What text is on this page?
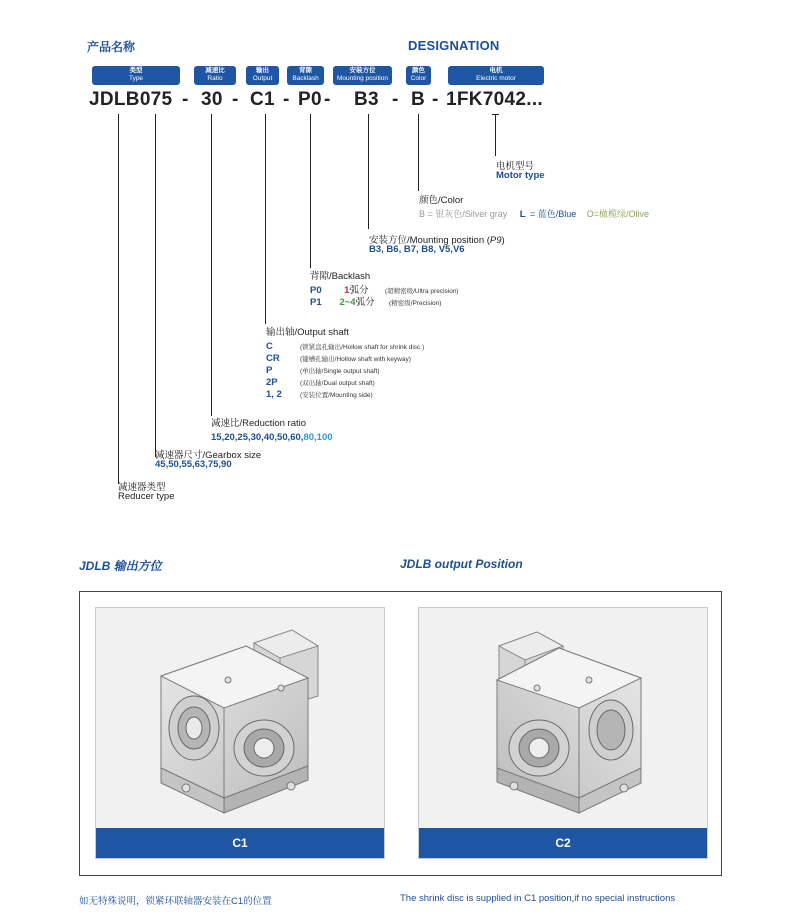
产品名称	DESIGNATION
类型
Type
减速比
Ratio
输出
Output
背隙
Backlash
安装方位
Mounting position
颜色
Color
电机
Electric motor
JDLB075 - 30 - C1 - P0 - B3 - B - 1FK7042...
电机型号
Motor type
颜色/Color
B = 银灰色/Silver gray L = 蓝色/Blue O=橄榄绿/Olive
安装方位/Mounting position (P9)
B3, B6, B7, B8, V5,V6
背隙/Backlash
P0 1弧分	(超精密级/Ultra precision)
P1 2~4弧分 (精密级/Precision)
输出轴/Output shaft
C	(锁紧盘孔输出/Hollow shaft for shrink disc )
CR	(键槽孔输出/Hollow shaft with keyway)
P	(单出轴/Single output shaft)
2P	(双出轴/Dual output shaft)
1, 2	(安装位置/Mounting side)
减速比/Reduction ratio
15,20,25,30,40,50,60,80,100
减速器尺寸/Gearbox size
45,50,55,63,75,90
减速器类型
Reducer type
JDLB 输出方位	JDLB output Position
C1	C2
如无特殊说明，锁紧环联轴器安装在C1的位置	The shrink disc is supplied in C1 position,if no special instructions
